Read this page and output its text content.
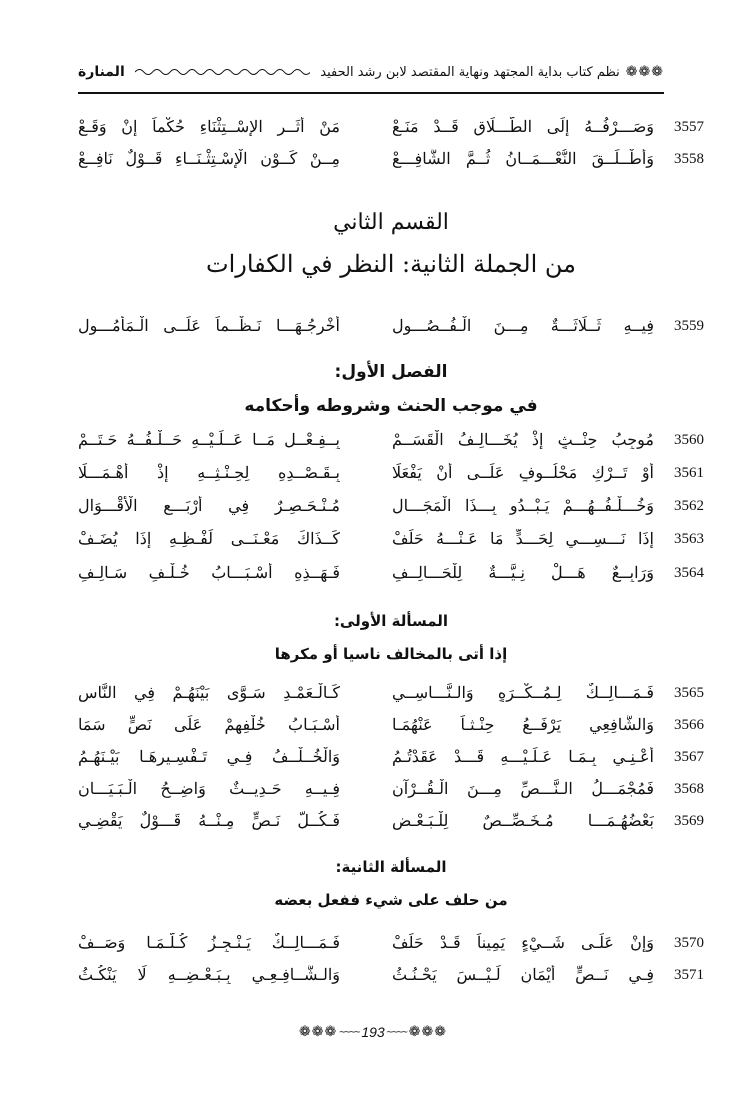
❁❁❁
نظم كتاب بداية المجتهد ونهاية المقتصد لابن رشد الحفيد
المنارة
3557
وَصَـــرْفُــهُ إِلَى الطَّـــلَاقِ قَــدْ مَنَـعْ
مَنْ أَثَــرِ الإِسْــتِثْنَاءِ حُكْماً إِنْ وَقَـعْ
3558
وَأَطْــلَــقَ النُّعْـــمَــانُ ثُــمَّ الشَّافِـــعْ
مِــنْ كَــوْنِ الْإِسْـتِثْـنَــاءِ قَــوْلٌ نَافِــعْ
القسم الثاني
من الجملة الثانية: النظر في الكفارات
3559
فِيــهِ ثَــلَاثَـــةٌ مِـــنَ الْـفُــصُـــولِ
أُخْرِجُـهَـــا نَـظْــماً عَلَــى الْـمَأْمُـــولِ
الفصل الأول:
في موجب الحنث وشروطه وأحكامه
3560
مُوجِبُ حِنْــثٍ إِذْ يُخَـــالِـفُ الْقَسَــمْ
بِــفِـعْــلِ مَــا عَــلَـيْــهِ حَــلْـفُــهُ حَـتَــمْ
3561
أَوْ تَــرْكِ مَحْلُــوفٍ عَلَــى أَنْ يَفْعَلَا
بِـقَـصْــدِهِ لِحِـنْـثِــهِ إِذْ أَهْـمَـــلَا
3562
وَخُـــلْـفُــهُـــمْ يَـبْــدُو بِـــذَا الْمَجَـــالِ
مُـنْـحَـصِـرٌ فِي أَرْبَـــعِ الْأَقْـــوَالِ
3563
إِذَا نَـــسِـــي لِحَـــدٍّ مَا عَـنْـــهُ حَلَفْ
كَــذَاكَ مَعْـنَــى لَفْـظِـهِ إِذَا يُضَـفْ
3564
وَرَابِــعٌ هَـــلْ نِـيَّـــةٌ لِلْحَـــالِــفِ
فَـهَــذِهِ أَسْـبَـــابُ خُـلْـفِ سَـالِـفِ
المسألة الأولى:
إذا أتى بالمخالف ناسيا أو مكرها
3565
فَـمَـــالِــكٌ لِـمُــكْــرَهٍ وَالـنَّـــاسِــي
كَـالْـعَمْـدِ سَـوَّى بَيْنَهُـمْ فِي النَّاسِ
3566
وَالشَّافِعِي يَرْفَــعُ حِنْـثـاً عَنْهُمَـا
أَسْـبَـابُ خُلْفِهِمْ عَلَى نَصٍّ سَمَا
3567
أَعْـنِـي بِـمَـا عَـلَـيْـــهِ قَـــدْ عَقَدْتُـمُ
وَالْخُــلْــفُ فِـي تَـفْسِـيرِهَـا بَيْـنَهُـمُ
3568
فَمُجْمَـــلُ الـنَّـــصِّ مِـــنَ الْـقُــرْآنِ
فِـيــهِ حَـدِيــثٌ وَاضِــحُ الْـبَـيَـــانِ
3569
بَعْضُهُـمَـــا مُـخَـصِّــصٌ لِلْـبَـعْـضِ
فَـكُــلُّ نَـصٍّ مِـنْــهُ قَـــوْلٌ يَقْضِـي
المسألة الثانية:
من حلف على شيء ففعل بعضه
3570
وَإِنْ عَلَـى شَــيْءٍ يَمِيناً قَـدْ حَلَفْ
فَـمَـــالِــكٌ يَـنْـجِـزُ كُـلَّـمَـا وَصَــفْ
3571
فِـي نَــصٍّ أَيْمَانٍ لَـيْــسَ يَحْـنُـثُ
وَالـشَّــافِـعِـي بِـبَـعْـضِــهِ لَا يَنْكُـثُ
❁❁❁ ~~~~ 193 ~~~~ ❁❁❁
